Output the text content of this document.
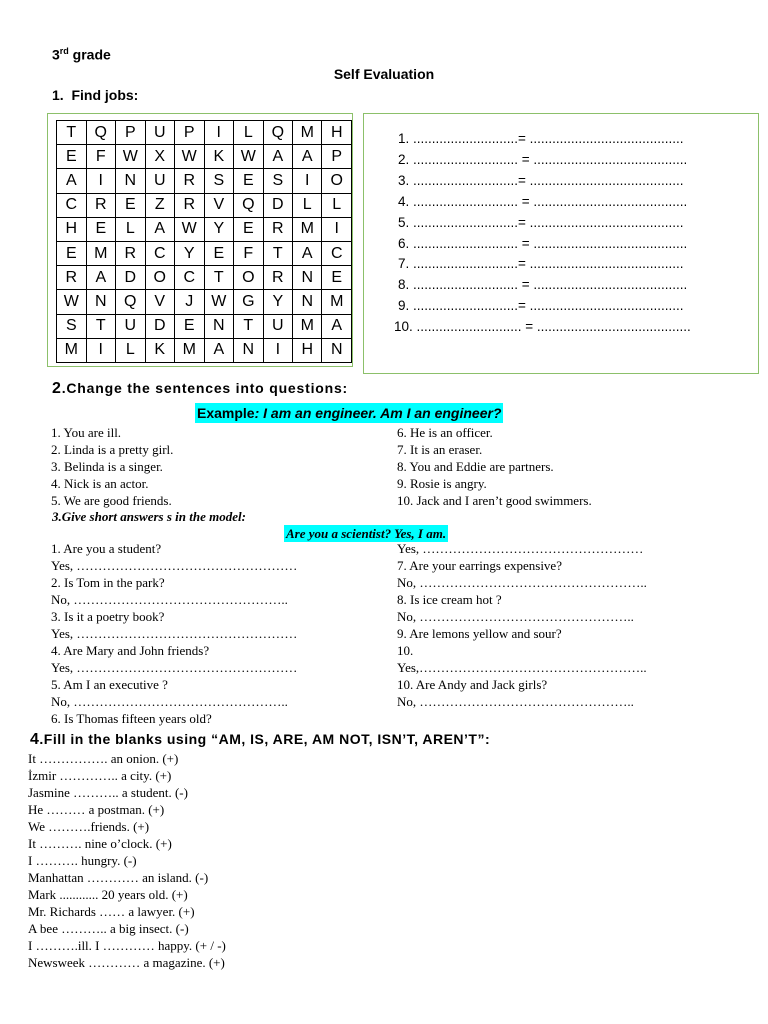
3rd grade
Self Evaluation
1. Find jobs:
T	Q	P	U	P	I	L	Q	M	H
E	F	W	X	W	K	W	A	A	P
A	I	N	U	R	S	E	S	I	O
C	R	E	Z	R	V	Q	D	L	L
H	E	L	A	W	Y	E	R	M	I
E	M	R	C	Y	E	F	T	A	C
R	A	D	O	C	T	O	R	N	E
W	N	Q	V	J	W	G	Y	N	M
S	T	U	D	E	N	T	U	M	A
M	I	L	K	M	A	N	I	H	N
1. ............................= .........................................
2. ............................ = .........................................
3. ............................= .........................................
4. ............................ = .........................................
5. ............................= .........................................
6. ............................ = .........................................
7. ............................= .........................................
8. ............................ = .........................................
9. ............................= .........................................
10. ............................ = .........................................
2.Change the sentences into questions:
Example: I am an engineer. Am I an engineer?
1. You are ill.
2. Linda is a pretty girl.
3. Belinda is a singer.
4. Nick is an actor.
5. We are good friends.
6. He is an officer.
7. It is an eraser.
8. You and Eddie are partners.
9. Rosie is angry.
10. Jack and I aren’t good swimmers.
3.Give short answers s in the model:
Are you a scientist? Yes, I am.
1. Are you a student?
Yes, ……………………………………………
2. Is Tom in the park?
No, …………………………………………..
3. Is it a poetry book?
Yes, ……………………………………………
4. Are Mary and John friends?
Yes, ……………………………………………
5. Am I an executive ?
No, …………………………………………..
6. Is Thomas fifteen years old?
Yes, ……………………………………………
7. Are your earrings expensive?
No, ……………………………………………..
8. Is ice cream hot ?
No, …………………………………………..
9. Are lemons yellow and sour?
10.
Yes,……………………………………………..
10. Are Andy and Jack girls?
No, …………………………………………..
4.Fill in the blanks using “AM, IS, ARE, AM NOT, ISN’T, AREN’T”:
It ……………. an onion. (+)
İzmir ………….. a city. (+)
Jasmine ……….. a student. (-)
He ……… a postman. (+)
We ……….friends. (+)
It ………. nine o’clock. (+)
I ………. hungry. (-)
Manhattan ………… an island. (-)
Mark ............ 20 years old. (+)
Mr. Richards …… a lawyer. (+)
A bee ……….. a big insect. (-)
I ……….ill. I ………… happy. (+ / -)
Newsweek ………… a magazine. (+)
